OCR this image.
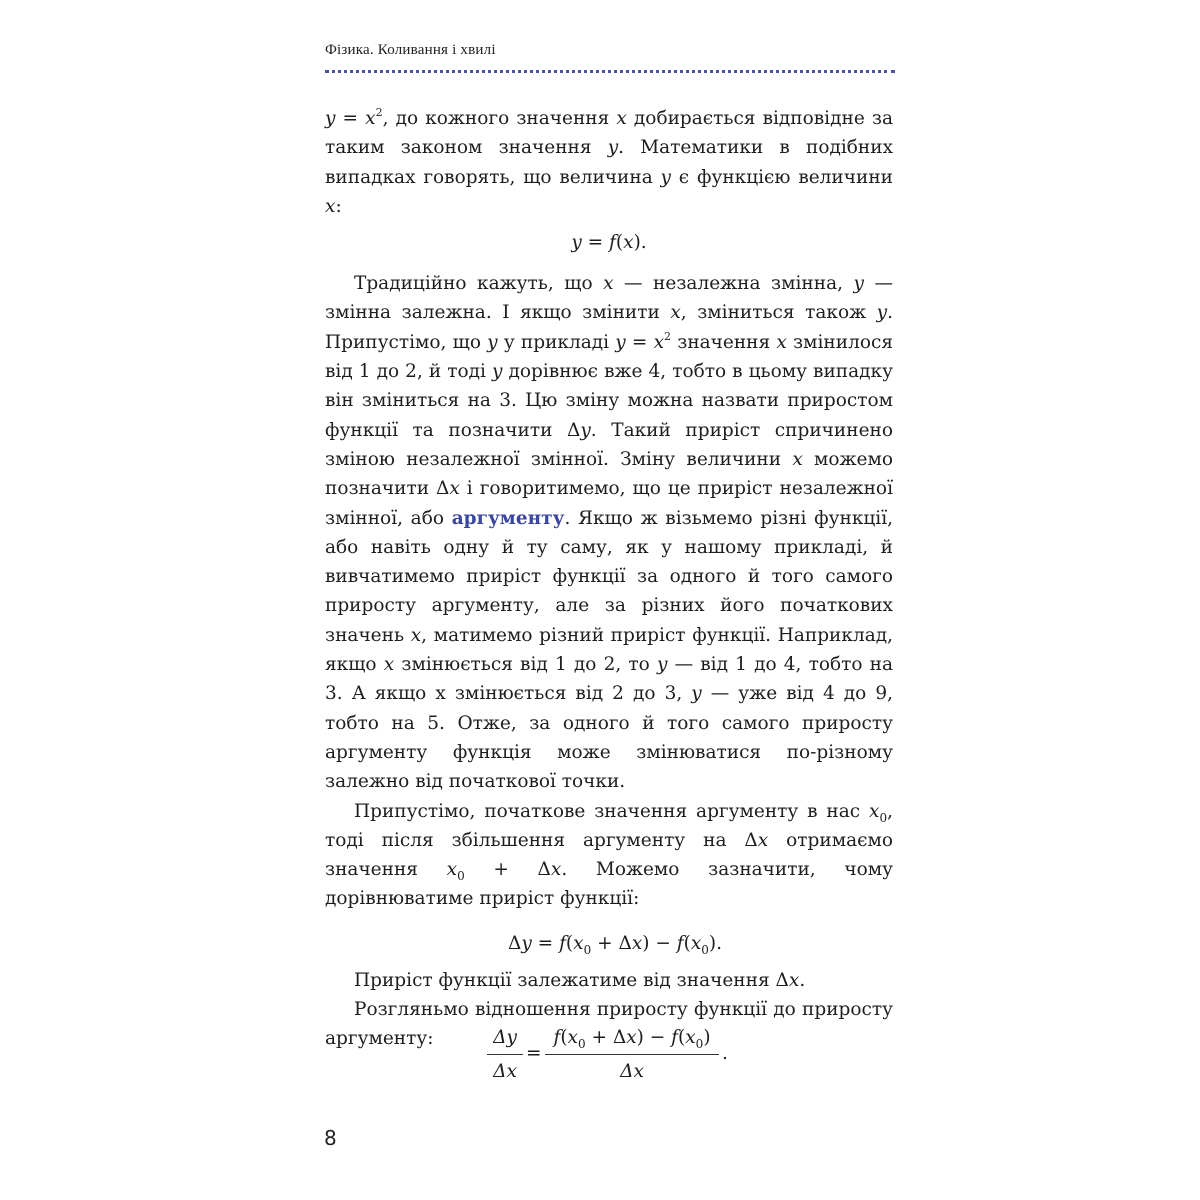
Фізика. Коливання і хвилі

$y = x^2$, до кожного значення x добирається відповідне за таким законом значення y. Математики в подібних випадках говорять, що величина y є функцією величини x:

y = f(x).

Традиційно кажуть, що x — незалежна змінна, y — змінна залежна. І якщо змінити x, зміниться також y. Припустімо, що y у прикладі $y = x^2$ значення x змінилося від 1 до 2, й тоді y дорівнює вже 4, тобто в цьому випадку він зміниться на 3. Цю зміну можна назвати приростом функції та позначити Δy. Такий приріст спричинено зміною незалежної змінної. Зміну величини x можемо позначити Δx і говоритимемо, що це приріст незалежної змінної, або аргументу. Якщо ж візьмемо різні функції, або навіть одну й ту саму, як у нашому прикладі, й вивчатимемо приріст функції за одного й того самого приросту аргументу, але за різних його початкових значень x, матимемо різний приріст функції. Наприклад, якщо x змінюється від 1 до 2, то y — від 1 до 4, тобто на 3. А якщо х змінюється від 2 до 3, y — уже від 4 до 9, тобто на 5. Отже, за одного й того самого приросту аргументу функція може змінюватися по-різному залежно від початкової точки.

Припустімо, початкове значення аргументу в нас $x_0$, тоді після збільшення аргументу на Δx отримаємо значення $x_0 + \Delta x$. Можемо зазначити, чому дорівнюватиме приріст функції:

$\Delta y = f(x_0 + \Delta x) - f(x_0)$.

Приріст функції залежатиме від значення Δx.

Розгляньмо відношення приросту функції до приросту аргументу:	Δy
Δx
=
$f(x_0 + \Delta x) - f(x_0)$
Δx
.
8
